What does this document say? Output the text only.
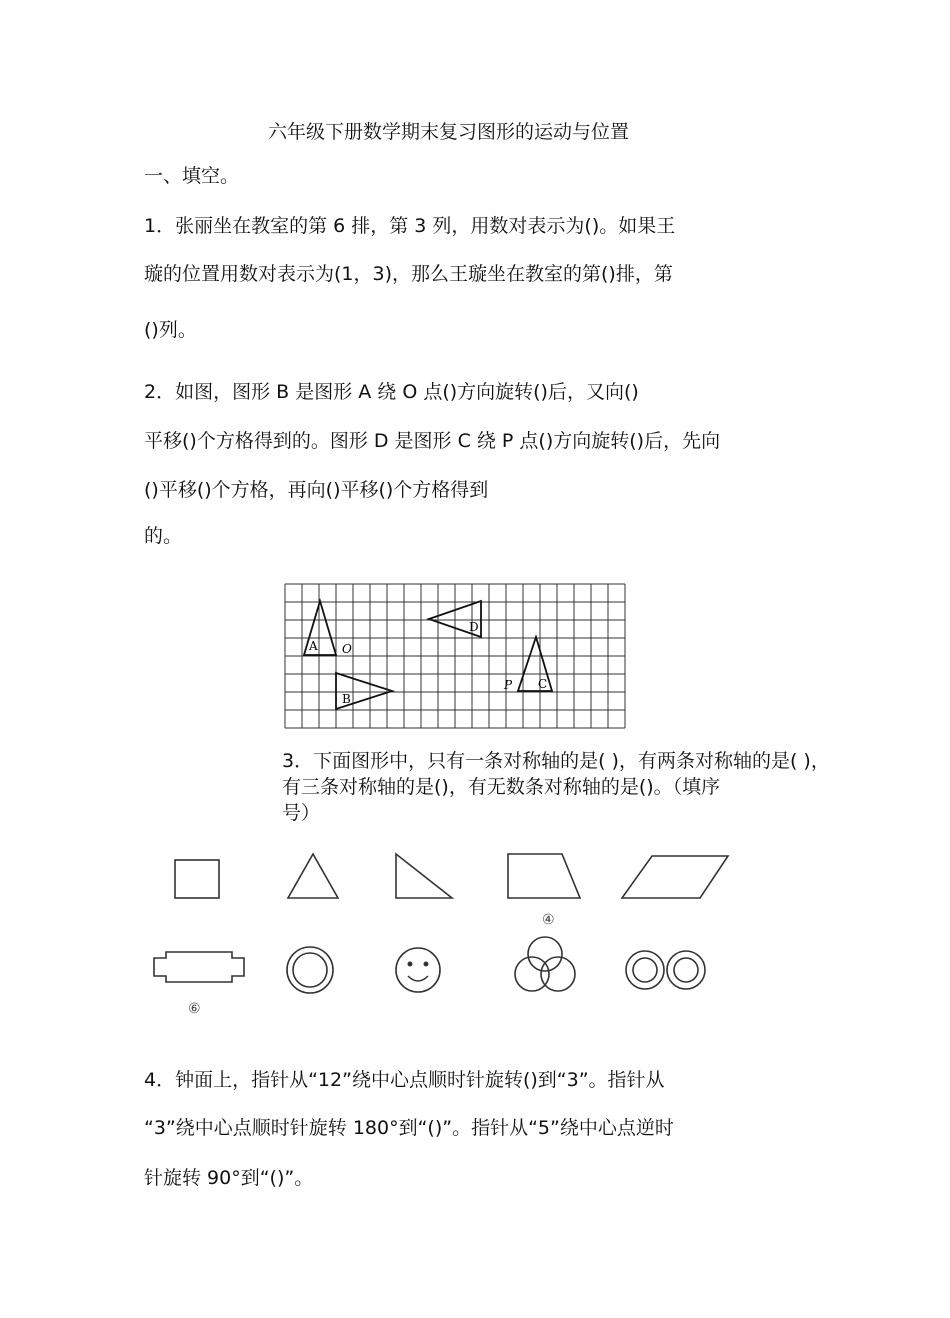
六年级下册数学期末复习图形的运动与位置
一、填空。
1．张丽坐在教室的第 6 排，第 3 列，用数对表示为()。如果王
璇的位置用数对表示为(1，3)，那么王璇坐在教室的第()排，第
()列。
2．如图，图形 B 是图形 A 绕 O 点()方向旋转()后，又向()
平移()个方格得到的。图形 D 是图形 C 绕 P 点()方向旋转()后，先向
()平移()个方格，再向()平移()个方格得到
的。
A
B
C
D
O
P
3．下面图形中，只有一条对称轴的是( )，有两条对称轴的是( )，
有三条对称轴的是()，有无数条对称轴的是()。（填序
号）
④
⑥
4．钟面上，指针从“12”绕中心点顺时针旋转()到“3”。指针从
“3”绕中心点顺时针旋转 180°到“()”。指针从“5”绕中心点逆时
针旋转 90°到“()”。
